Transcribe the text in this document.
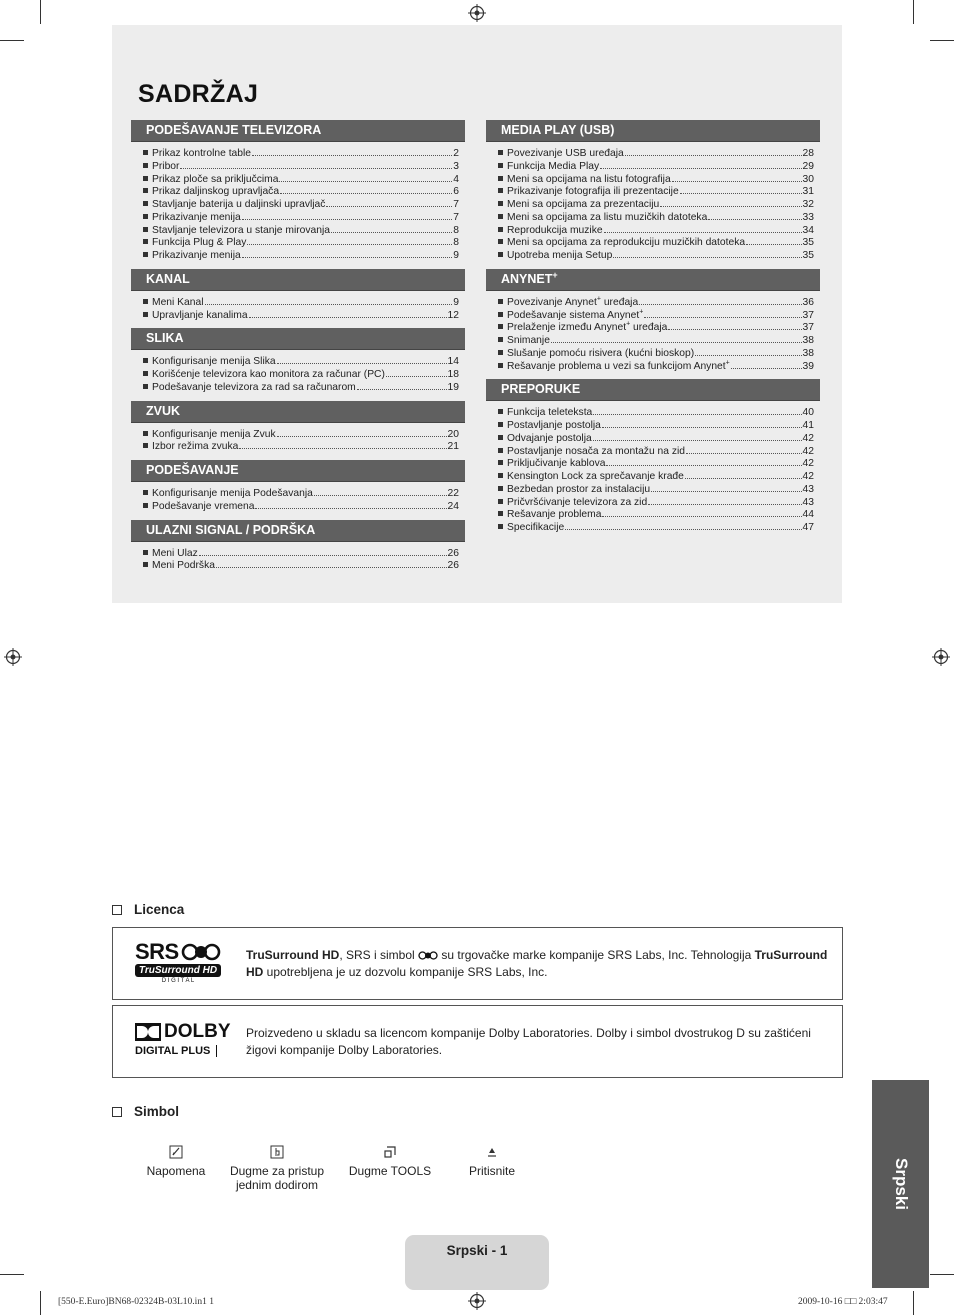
SADRŽAJ
PODEŠAVANJE TELEVIZORA
Prikaz kontrolne table	2
Pribor	3
Prikaz ploče sa priključcima	4
Prikaz daljinskog upravljača	6
Stavljanje baterija u daljinski upravljač	7
Prikazivanje menija	7
Stavljanje televizora u stanje mirovanja	8
Funkcija Plug & Play	8
Prikazivanje menija	9
KANAL
Meni Kanal	9
Upravljanje kanalima	12
SLIKA
Konfigurisanje menija Slika	14
Korišćenje televizora kao monitora za računar (PC)	18
Podešavanje televizora za rad sa računarom	19
ZVUK
Konfigurisanje menija Zvuk	20
Izbor režima zvuka	21
PODEŠAVANJE
Konfigurisanje menija Podešavanja	22
Podešavanje vremena	24
ULAZNI SIGNAL / PODRŠKA
Meni Ulaz	26
Meni Podrška	26
MEDIA PLAY (USB)
Povezivanje USB uređaja	28
Funkcija Media Play	29
Meni sa opcijama na listu fotografija	30
Prikazivanje fotografija ili prezentacije	31
Meni sa opcijama za prezentaciju	32
Meni sa opcijama za listu muzičkih datoteka	33
Reprodukcija muzike	34
Meni sa opcijama za reprodukciju muzičkih datoteka	35
Upotreba menija Setup	35
ANYNET+
Povezivanje Anynet+ uređaja	36
Podešavanje sistema Anynet+	37
Prelaženje između Anynet+ uređaja	37
Snimanje	38
Slušanje pomoću risivera (kućni bioskop)	38
Rešavanje problema u vezi sa funkcijom Anynet+	39
PREPORUKE
Funkcija teleteksta	40
Postavljanje postolja	41
Odvajanje postolja	42
Postavljanje nosača za montažu na zid	42
Priključivanje kablova	42
Kensington Lock za sprečavanje krađe	42
Bezbedan prostor za instalaciju	43
Pričvršćivanje televizora za zid	43
Rešavanje problema	44
Specifikacije	47
Licenca
SRS
TruSurround HD
D I G I T A L
TruSurround HD, SRS i simbol  su trgovačke marke kompanije SRS Labs, Inc. Tehnologija TruSurround HD upotrebljena je uz dozvolu kompanije SRS Labs, Inc.
DOLBY
DIGITAL PLUS
Proizvedeno u skladu sa licencom kompanije Dolby Laboratories. Dolby i simbol dvostrukog D su zaštićeni žigovi kompanije Dolby Laboratories.
Simbol
Napomena	Dugme za pristup jednim dodirom
Dugme TOOLS	Pritisnite	Srpski
Srpski - 1
[550-E.Euro]BN68-02324B-03L10.in1 1	2009-10-16 □□ 2:03:47
